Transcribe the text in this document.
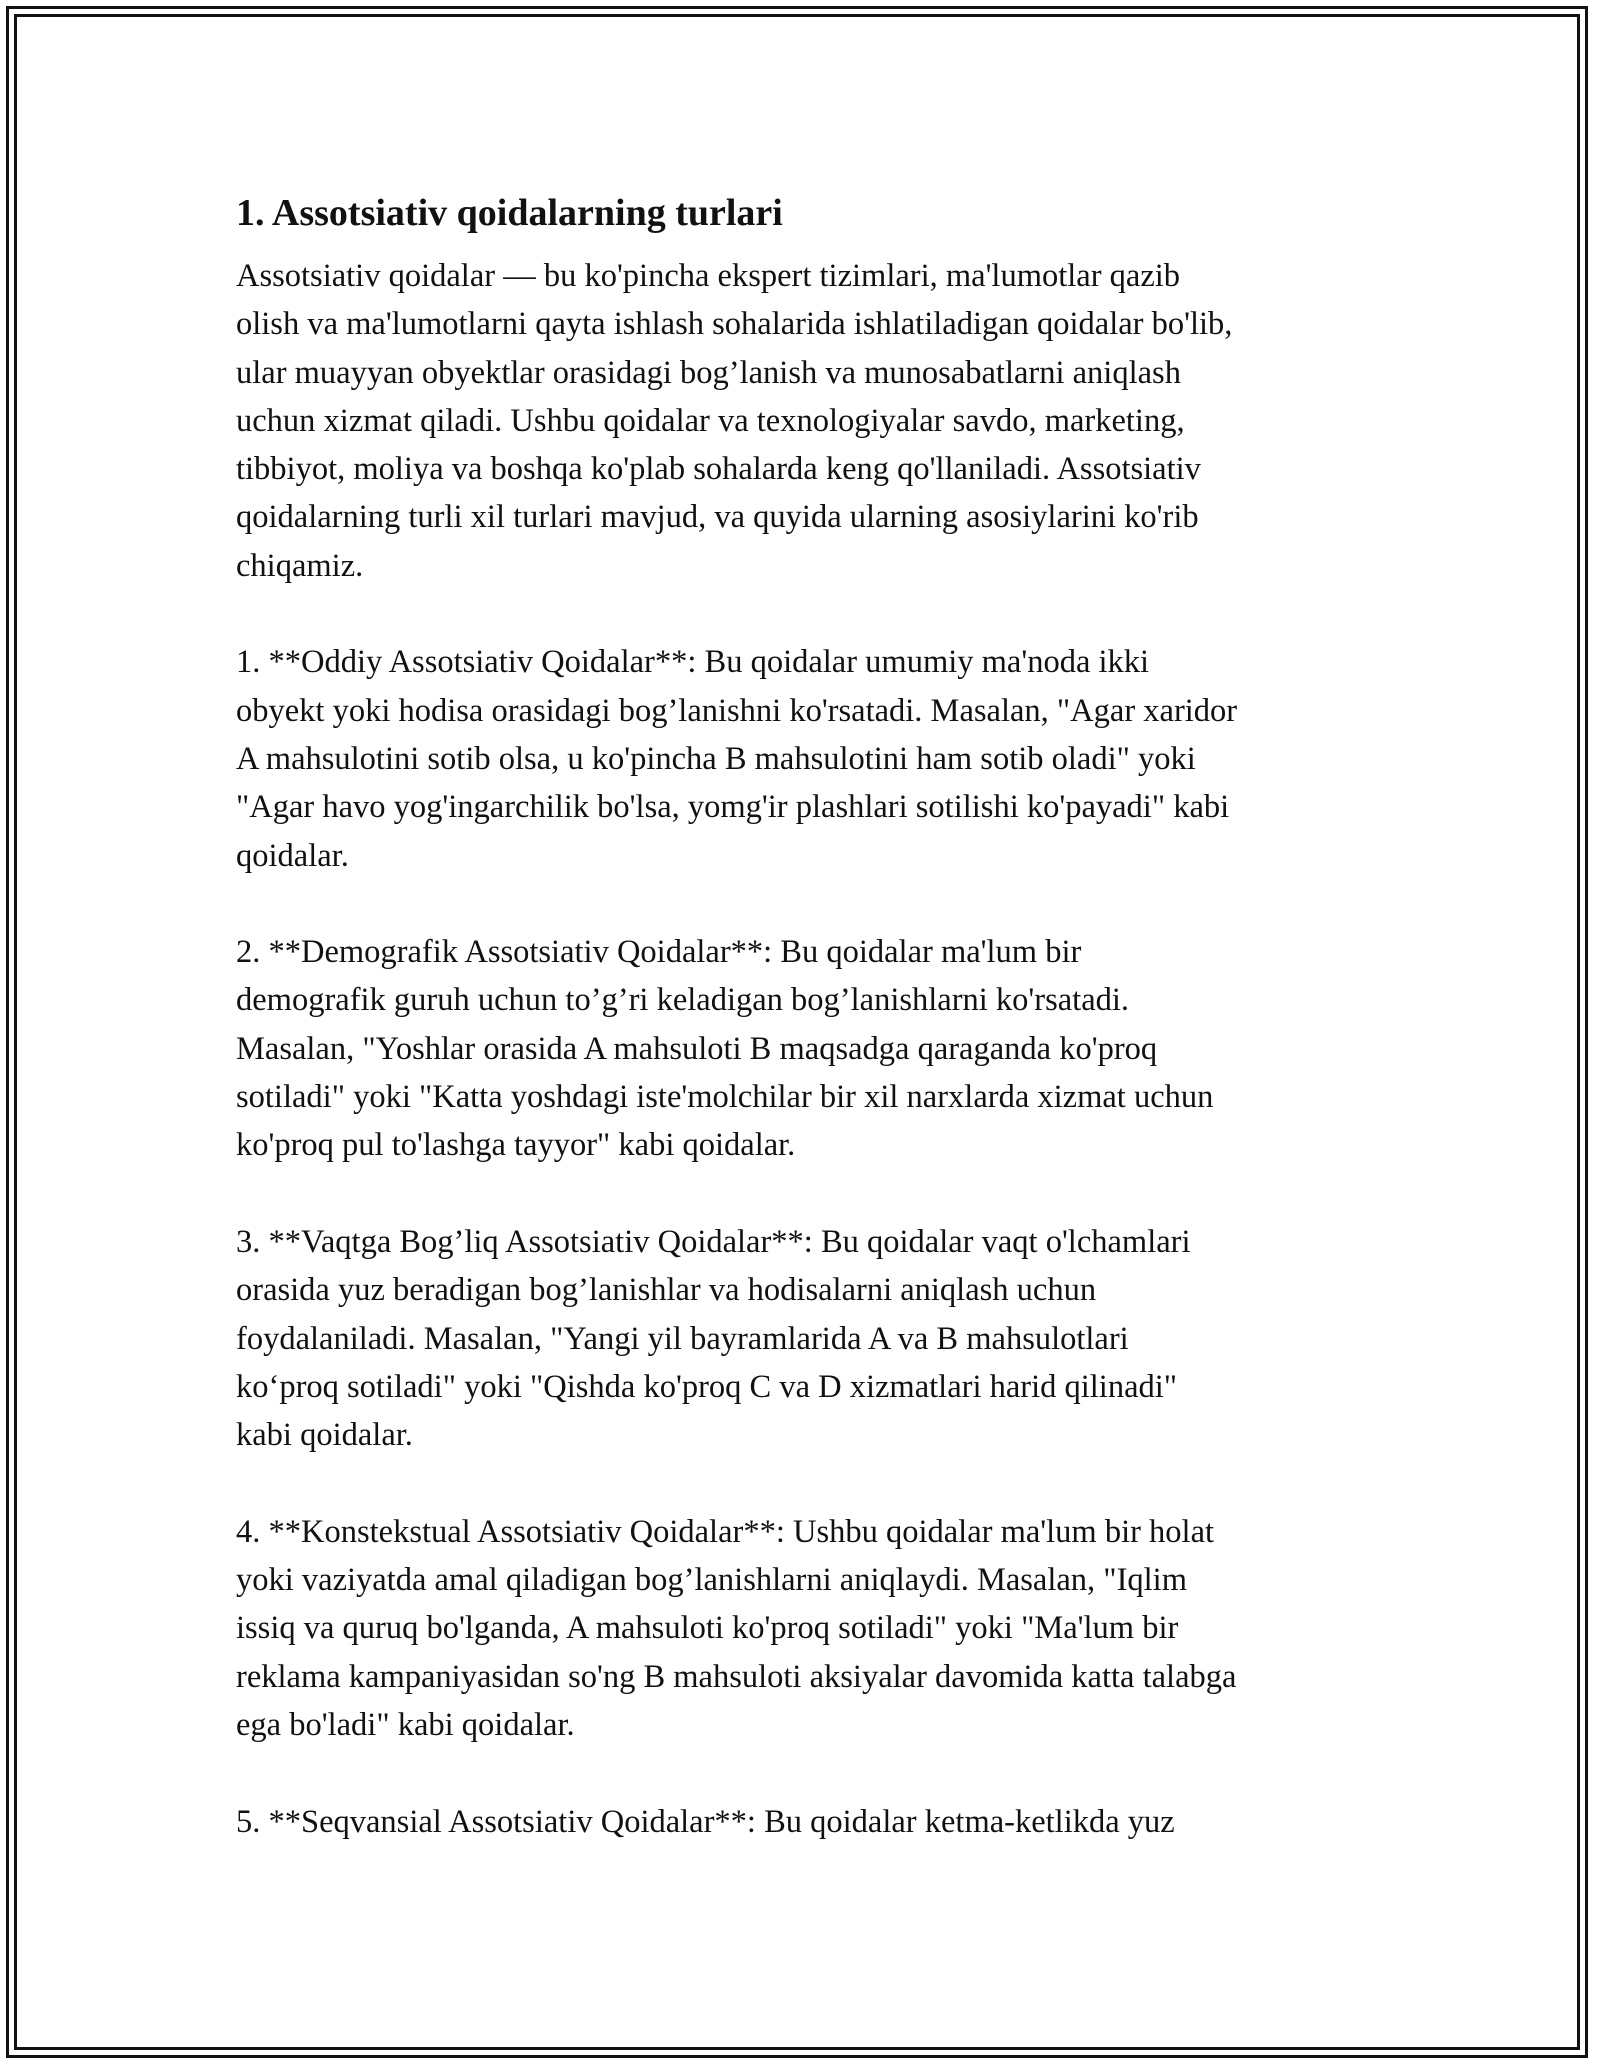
1. Assotsiativ qoidalarning turlari
Assotsiativ qoidalar — bu ko'pincha ekspert tizimlari, ma'lumotlar qazib
olish va ma'lumotlarni qayta ishlash sohalarida ishlatiladigan qoidalar bo'lib,
ular muayyan obyektlar orasidagi bog’lanish va munosabatlarni aniqlash
uchun xizmat qiladi. Ushbu qoidalar va texnologiyalar savdo, marketing,
tibbiyot, moliya va boshqa ko'plab sohalarda keng qo'llaniladi. Assotsiativ
qoidalarning turli xil turlari mavjud, va quyida ularning asosiylarini ko'rib
chiqamiz.
1. **Oddiy Assotsiativ Qoidalar**: Bu qoidalar umumiy ma'noda ikki
obyekt yoki hodisa orasidagi bog’lanishni ko'rsatadi. Masalan, "Agar xaridor
A mahsulotini sotib olsa, u ko'pincha B mahsulotini ham sotib oladi" yoki
"Agar havo yog'ingarchilik bo'lsa, yomg'ir plashlari sotilishi ko'payadi" kabi
qoidalar.
2. **Demografik Assotsiativ Qoidalar**: Bu qoidalar ma'lum bir
demografik guruh uchun to’g’ri keladigan bog’lanishlarni ko'rsatadi.
Masalan, "Yoshlar orasida A mahsuloti B maqsadga qaraganda ko'proq
sotiladi" yoki "Katta yoshdagi iste'molchilar bir xil narxlarda xizmat uchun
ko'proq pul to'lashga tayyor" kabi qoidalar.
3. **Vaqtga Bog’liq Assotsiativ Qoidalar**: Bu qoidalar vaqt o'lchamlari
orasida yuz beradigan bog’lanishlar va hodisalarni aniqlash uchun
foydalaniladi. Masalan, "Yangi yil bayramlarida A va B mahsulotlari
ko‘proq sotiladi" yoki "Qishda ko'proq C va D xizmatlari harid qilinadi"
kabi qoidalar.
4. **Konstekstual Assotsiativ Qoidalar**: Ushbu qoidalar ma'lum bir holat
yoki vaziyatda amal qiladigan bog’lanishlarni aniqlaydi. Masalan, "Iqlim
issiq va quruq bo'lganda, A mahsuloti ko'proq sotiladi" yoki "Ma'lum bir
reklama kampaniyasidan so'ng B mahsuloti aksiyalar davomida katta talabga
ega bo'ladi" kabi qoidalar.
5. **Seqvansial Assotsiativ Qoidalar**: Bu qoidalar ketma-ketlikda yuz
